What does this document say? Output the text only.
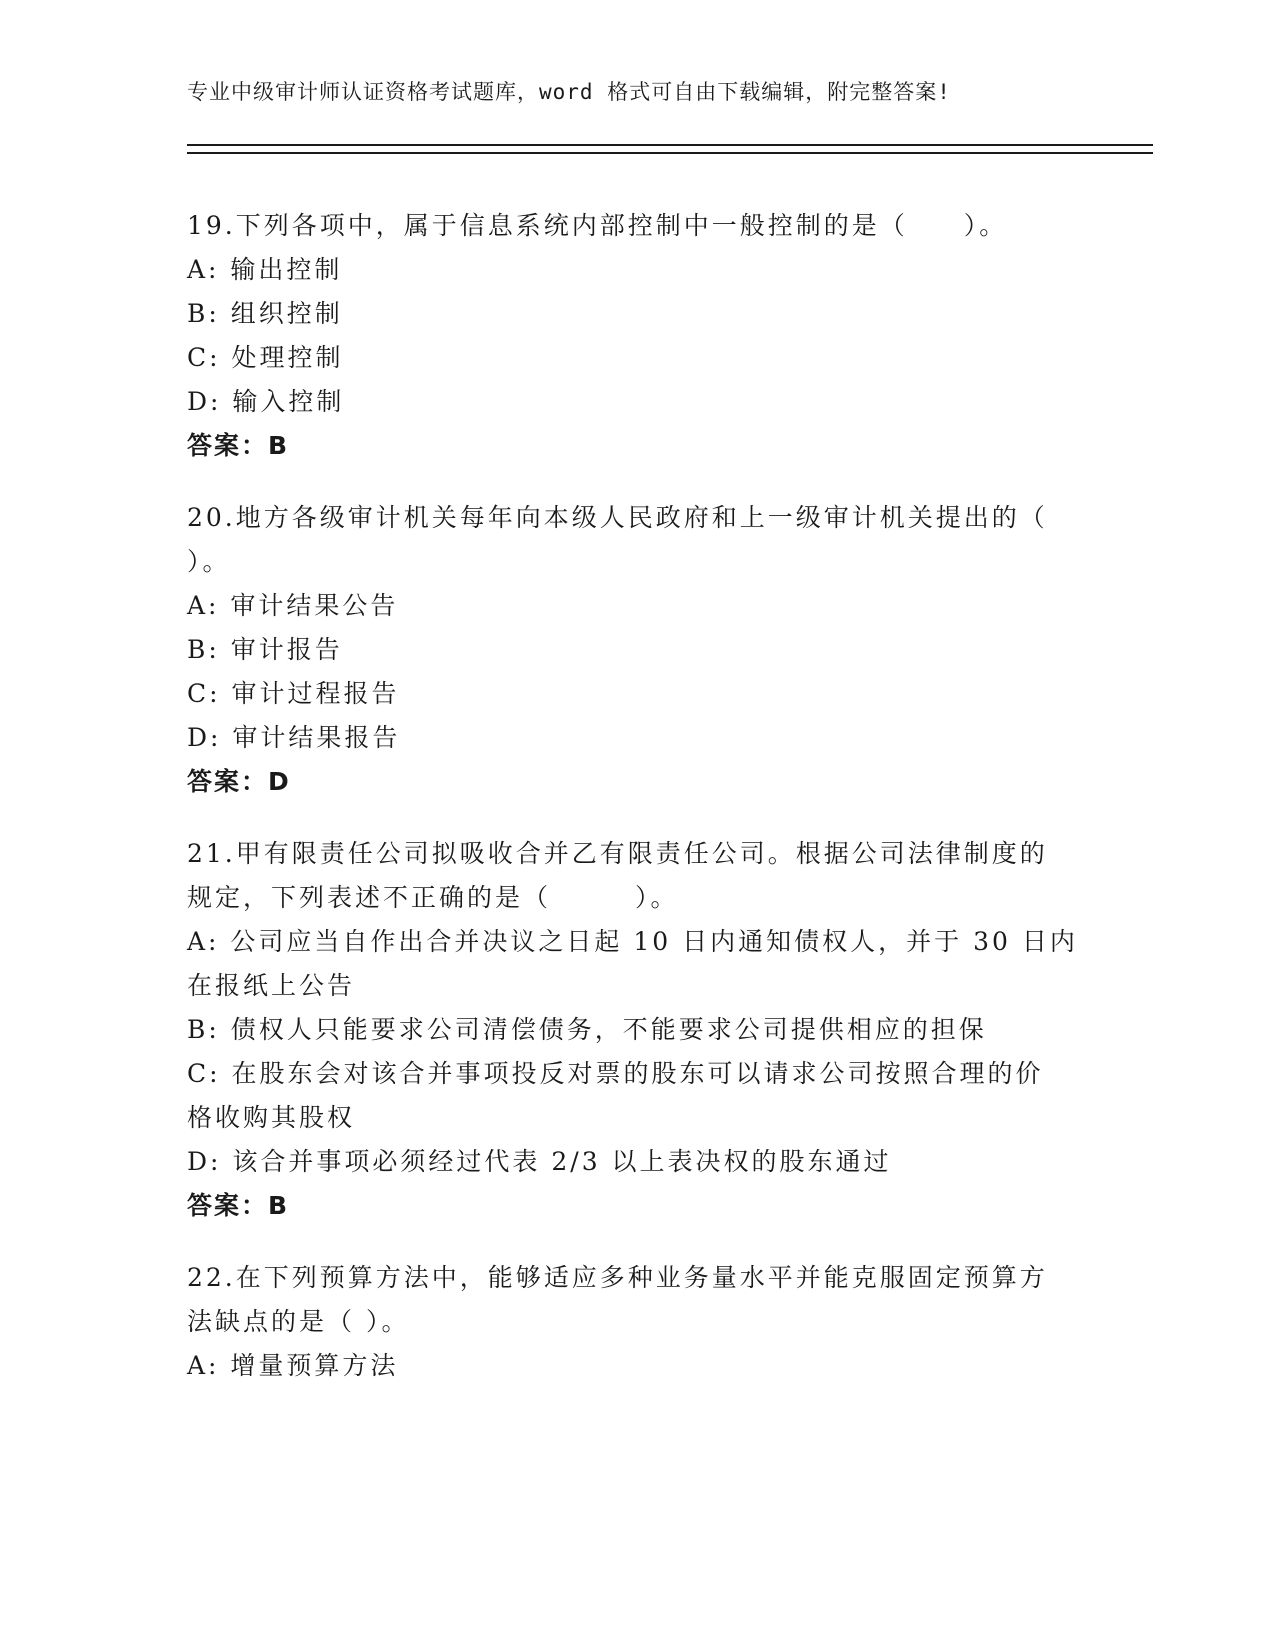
专业中级审计师认证资格考试题库，word 格式可自由下载编辑，附完整答案!
19.下列各项中，属于信息系统内部控制中一般控制的是（　　）。
A: 输出控制
B: 组织控制
C: 处理控制
D: 输入控制
答案：B
20.地方各级审计机关每年向本级人民政府和上一级审计机关提出的（
）。
A: 审计结果公告
B: 审计报告
C: 审计过程报告
D: 审计结果报告
答案：D
21.甲有限责任公司拟吸收合并乙有限责任公司。根据公司法律制度的
规定，下列表述不正确的是（　　　）。
A: 公司应当自作出合并决议之日起 10 日内通知债权人，并于 30 日内
在报纸上公告
B: 债权人只能要求公司清偿债务，不能要求公司提供相应的担保
C: 在股东会对该合并事项投反对票的股东可以请求公司按照合理的价
格收购其股权
D: 该合并事项必须经过代表 2/3 以上表决权的股东通过
答案：B
22.在下列预算方法中，能够适应多种业务量水平并能克服固定预算方
法缺点的是（ ）。
A: 增量预算方法
